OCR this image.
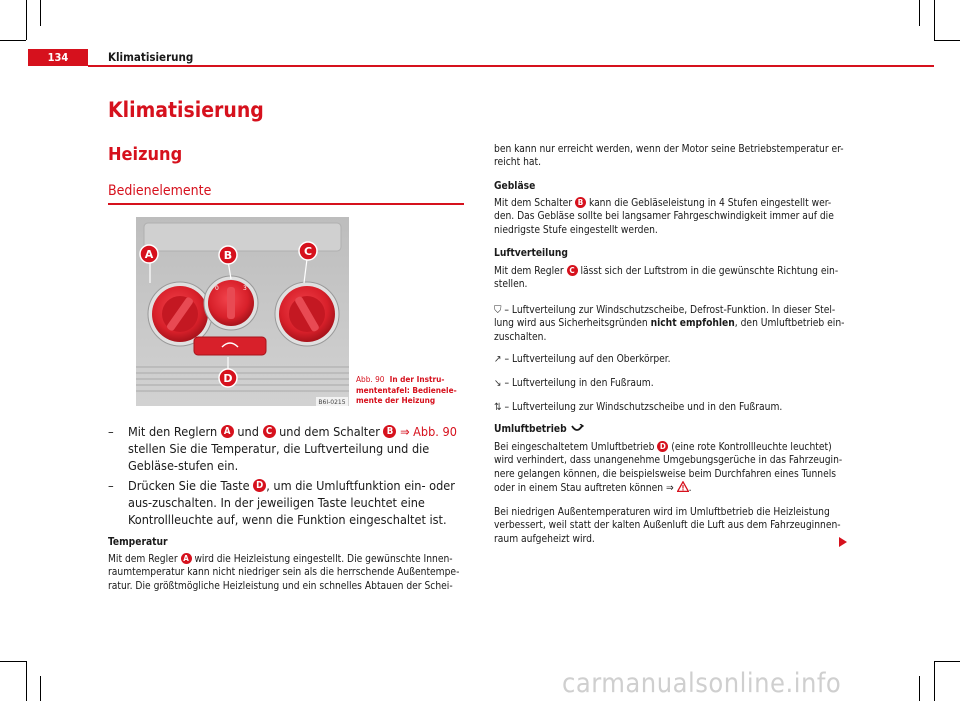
134	Klimatisierung
Klimatisierung
Heizung
Bedienelemente
0	3
A	B	C
D
B6I-0215
Abb. 90 In der Instru-mententafel: Bedienele-mente der Heizung
– Mit den Reglern A und C und dem Schalter B ⇒ Abb. 90 stellen Sie die Temperatur, die Luftverteilung und die Gebläse-stufen ein.
– Drücken Sie die Taste D , um die Umluftfunktion ein- oder aus-zuschalten. In der jeweiligen Taste leuchtet eine Kontrollleuchte auf, wenn die Funktion eingeschaltet ist.
Temperatur
Mit dem Regler A wird die Heizleistung eingestellt. Die gewünschte Innen-raumtemperatur kann nicht niedriger sein als die herrschende Außentempe-ratur. Die größtmögliche Heizleistung und ein schnelles Abtauen der Schei-
ben kann nur erreicht werden, wenn der Motor seine Betriebstemperatur er-reicht hat.
Gebläse
Mit dem Schalter B kann die Gebläseleistung in 4 Stufen eingestellt wer-den. Das Gebläse sollte bei langsamer Fahrgeschwindigkeit immer auf die niedrigste Stufe eingestellt werden.
Luftverteilung
Mit dem Regler C lässt sich der Luftstrom in die gewünschte Richtung ein-stellen.
⛉ – Luftverteilung zur Windschutzscheibe, Defrost-Funktion. In dieser Stel-lung wird aus Sicherheitsgründen nicht empfohlen, den Umluftbetrieb ein-zuschalten.
↗ – Luftverteilung auf den Oberkörper.
↘ – Luftverteilung in den Fußraum.
⇅ – Luftverteilung zur Windschutzscheibe und in den Fußraum.
Umluftbetrieb
Bei eingeschaltetem Umluftbetrieb D (eine rote Kontrollleuchte leuchtet) wird verhindert, dass unangenehme Umgebungsgerüche in das Fahrzeugin-nere gelangen können, die beispielsweise beim Durchfahren eines Tunnels oder in einem Stau auftreten können ⇒ .
Bei niedrigen Außentemperaturen wird im Umluftbetrieb die Heizleistung verbessert, weil statt der kalten Außenluft die Luft aus dem Fahrzeuginnen-raum aufgeheizt wird.
carmanualsonline.info
